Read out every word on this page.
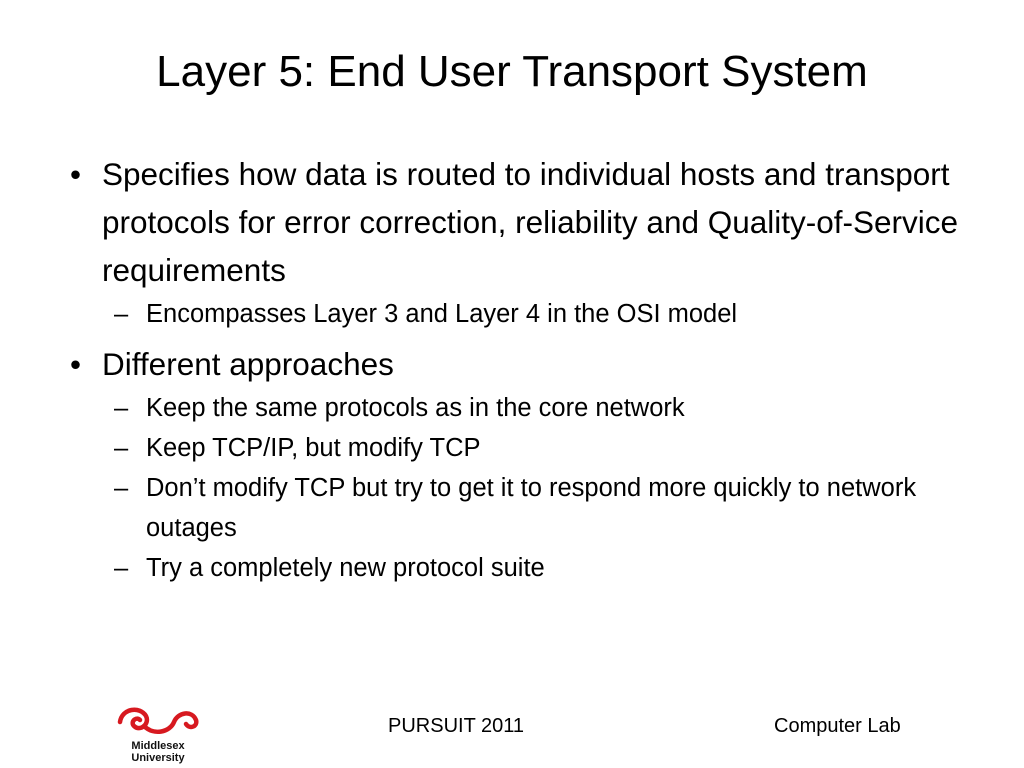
Layer 5: End User Transport System
• Specifies how data is routed to individual hosts and transport protocols for error correction, reliability and Quality-of-Service requirements
– Encompasses Layer 3 and Layer 4 in the OSI model
• Different approaches
– Keep the same protocols as in the core network
– Keep TCP/IP, but modify TCP
– Don’t modify TCP but try to get it to respond more quickly to network outages
– Try a completely new protocol suite
Middlesex
University
PURSUIT 2011	Computer Lab
